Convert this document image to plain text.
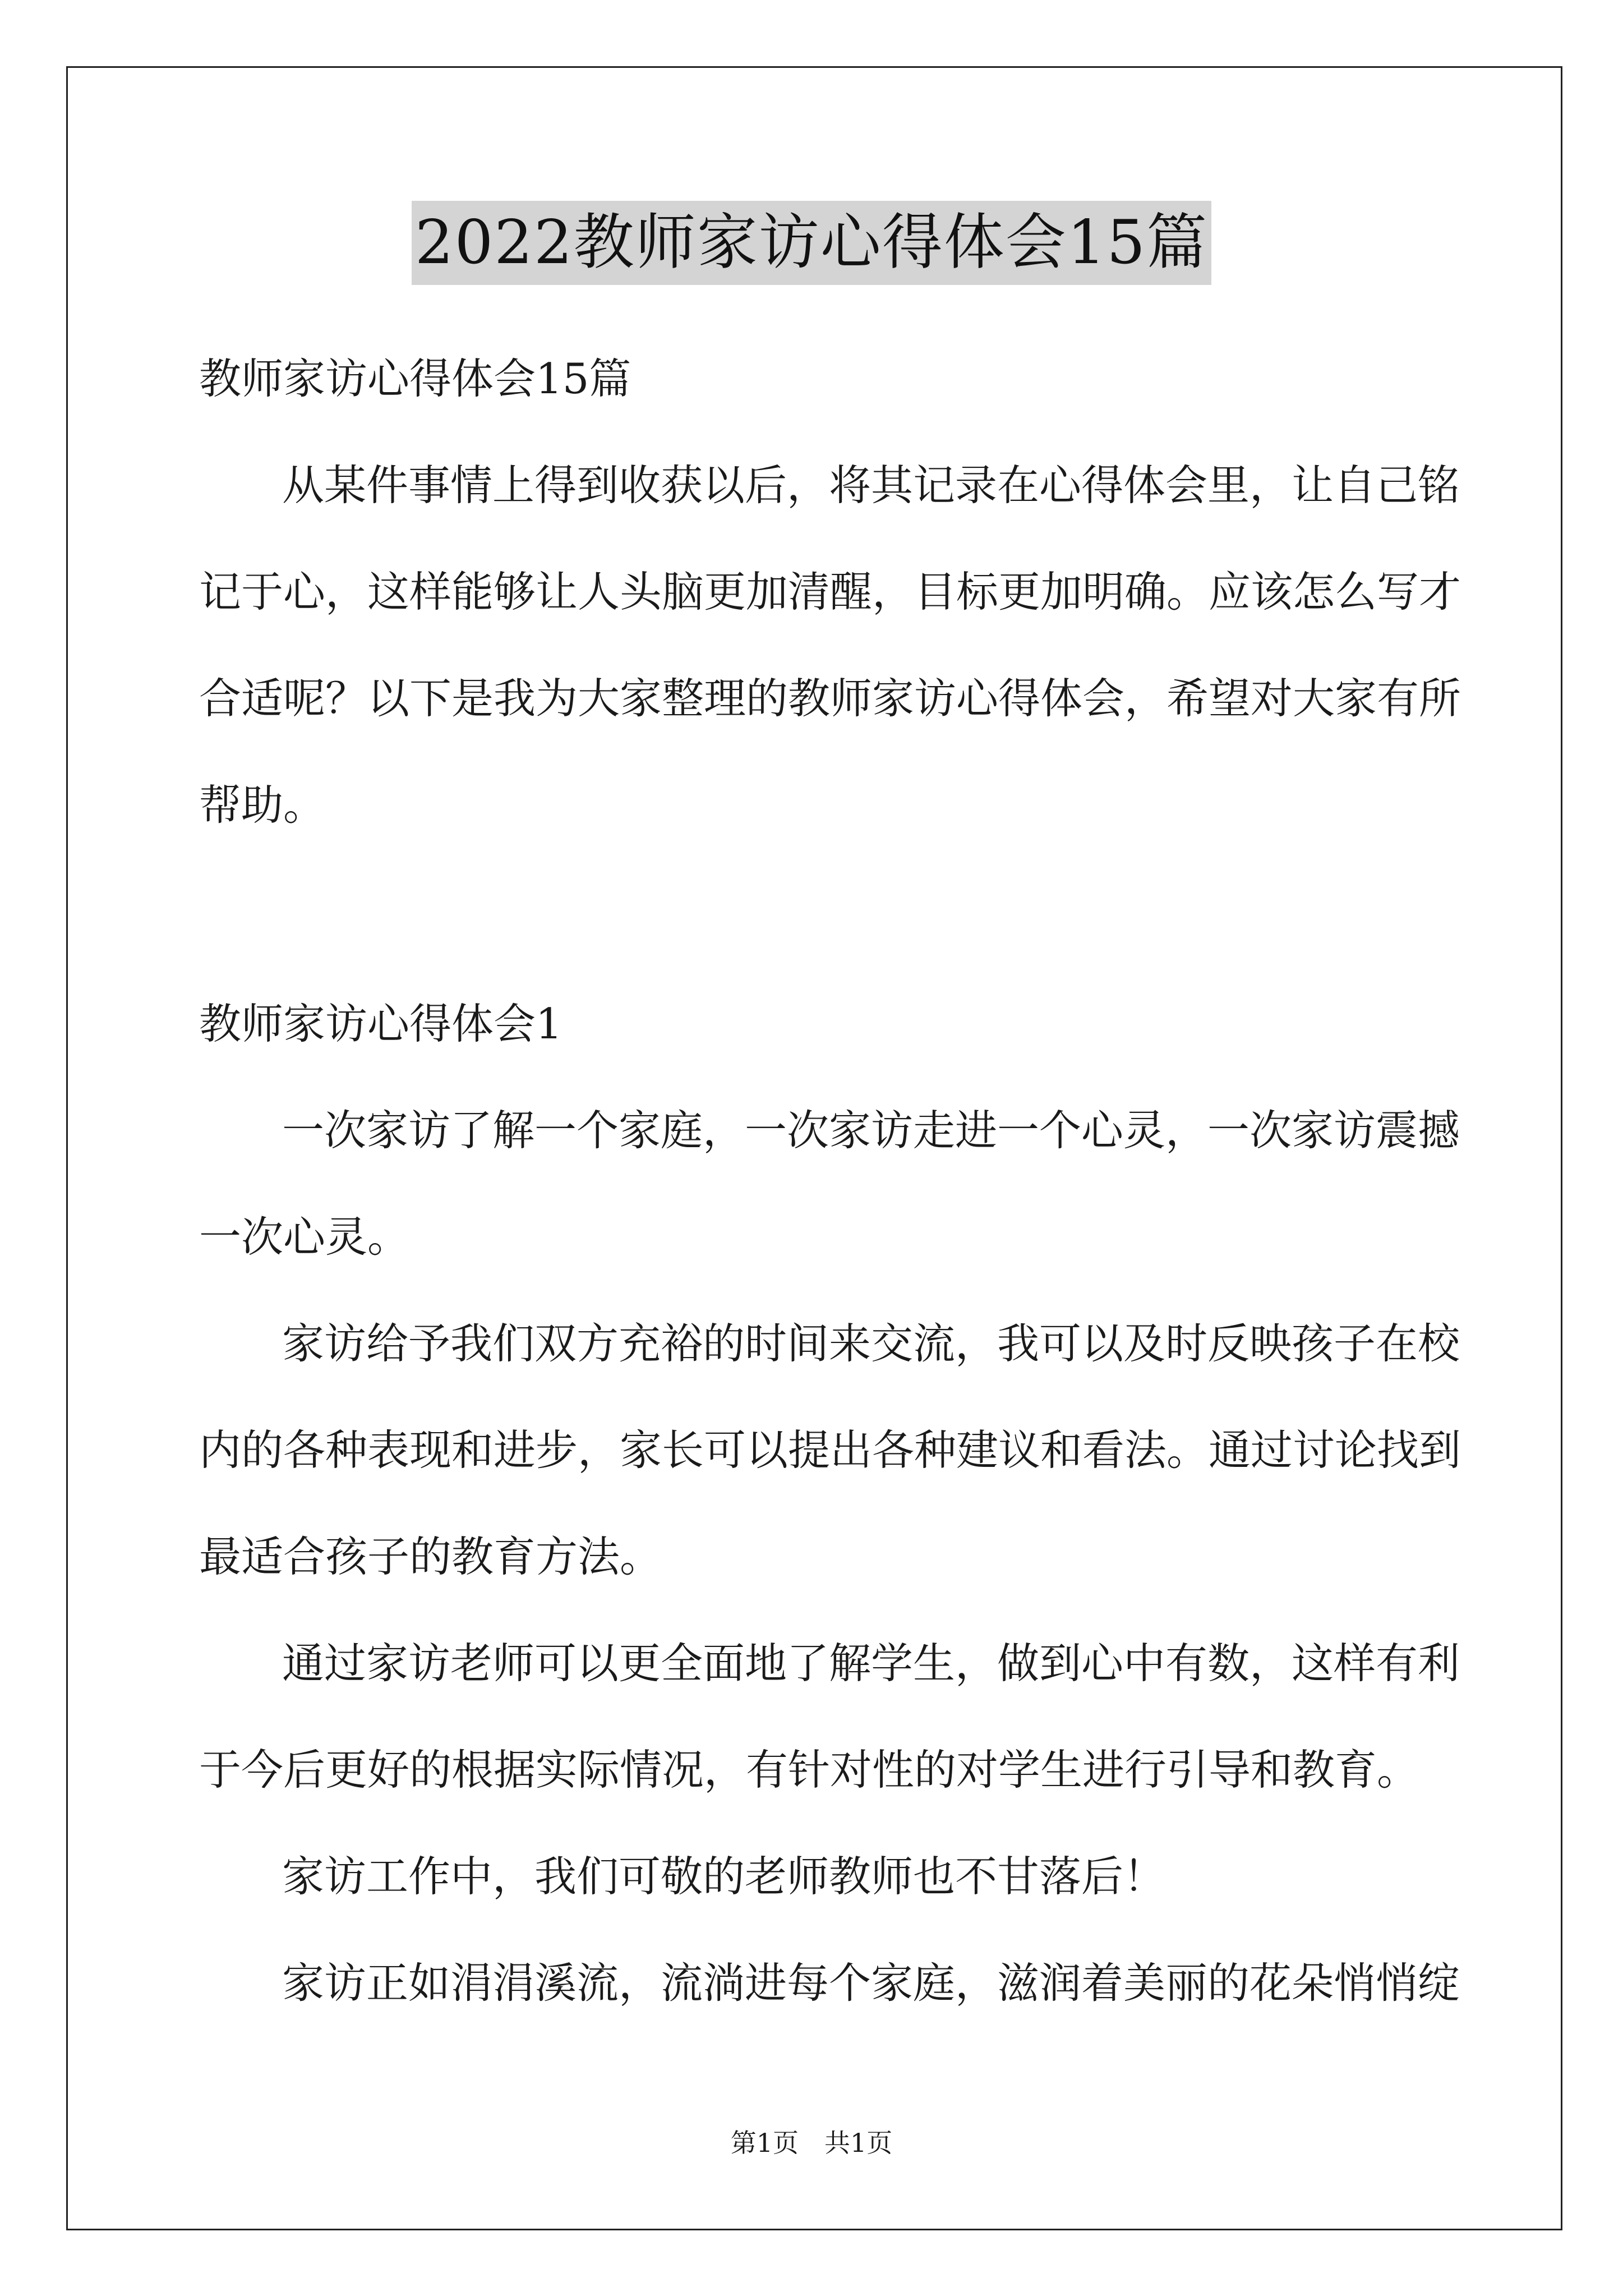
2022教师家访心得体会15篇
教师家访心得体会15篇
从某件事情上得到收获以后，将其记录在心得体会里，让自己铭
记于心，这样能够让人头脑更加清醒，目标更加明确。应该怎么写才
合适呢？以下是我为大家整理的教师家访心得体会，希望对大家有所
帮助。
教师家访心得体会1
一次家访了解一个家庭，一次家访走进一个心灵，一次家访震撼
一次心灵。
家访给予我们双方充裕的时间来交流，我可以及时反映孩子在校
内的各种表现和进步，家长可以提出各种建议和看法。通过讨论找到
最适合孩子的教育方法。
通过家访老师可以更全面地了解学生，做到心中有数，这样有利
于今后更好的根据实际情况，有针对性的对学生进行引导和教育。
家访工作中，我们可敬的老师教师也不甘落后！
家访正如涓涓溪流，流淌进每个家庭，滋润着美丽的花朵悄悄绽
第1页　共1页
